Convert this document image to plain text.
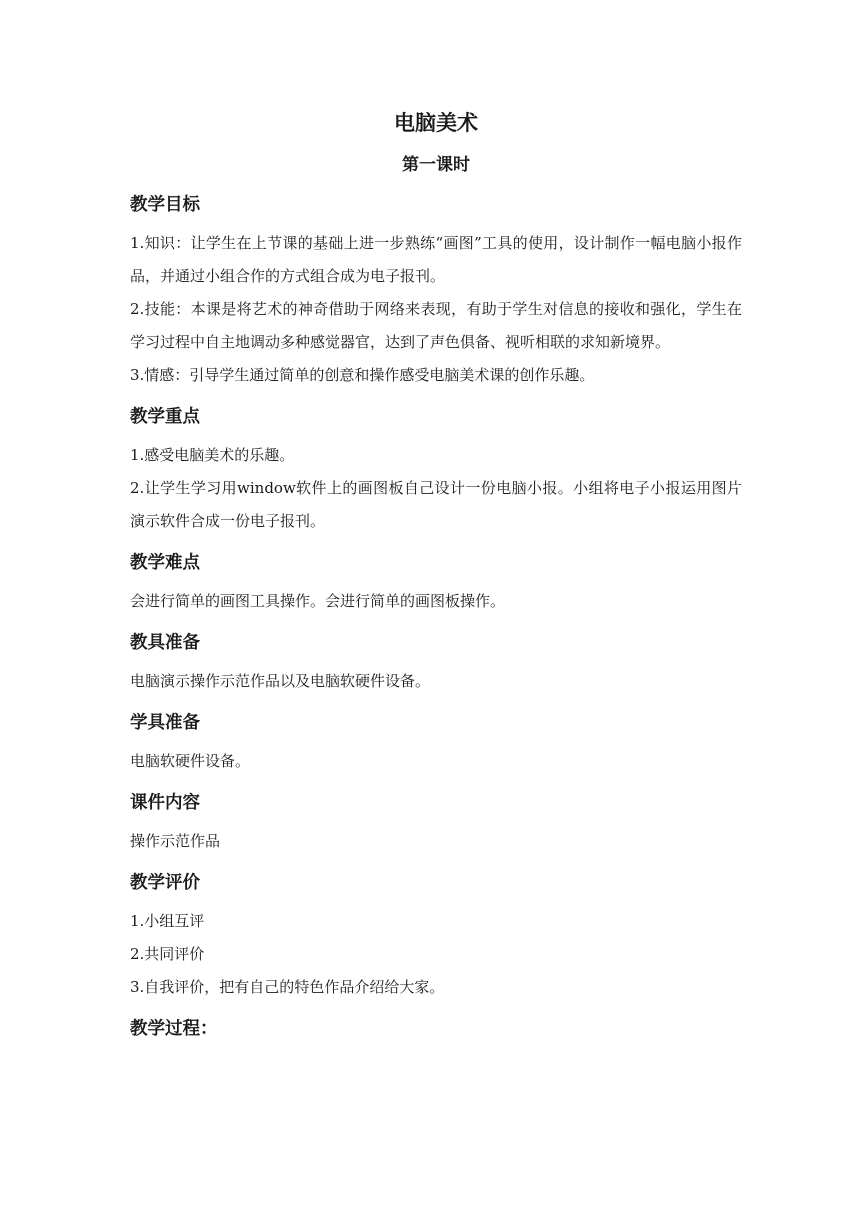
电脑美术
第一课时
教学目标

1.知识：让学生在上节课的基础上进一步熟练“画图”工具的使用，设计制作一幅电脑小报作品，并通过小组合作的方式组合成为电子报刊。

2.技能：本课是将艺术的神奇借助于网络来表现，有助于学生对信息的接收和强化，学生在学习过程中自主地调动多种感觉器官，达到了声色俱备、视听相联的求知新境界。

3.情感：引导学生通过简单的创意和操作感受电脑美术课的创作乐趣。

教学重点

1.感受电脑美术的乐趣。

2.让学生学习用window软件上的画图板自己设计一份电脑小报。小组将电子小报运用图片演示软件合成一份电子报刊。

教学难点

会进行简单的画图工具操作。会进行简单的画图板操作。

教具准备

电脑演示操作示范作品以及电脑软硬件设备。

学具准备

电脑软硬件设备。

课件内容

操作示范作品

教学评价

1.小组互评

2.共同评价

3.自我评价，把有自己的特色作品介绍给大家。

教学过程：
